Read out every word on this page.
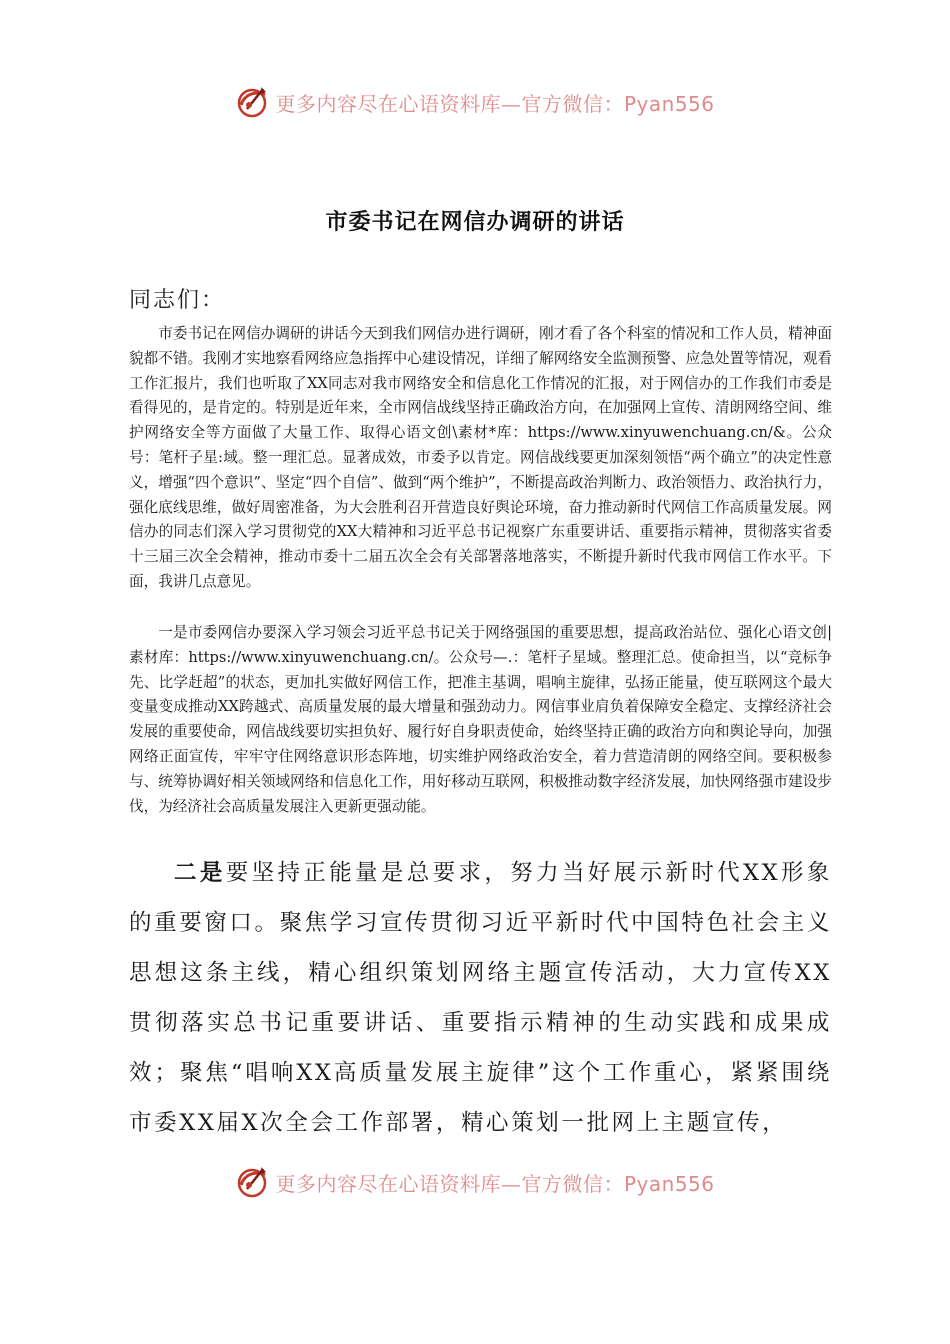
更多内容尽在心语资料库—官方微信：Pyan556
市委书记在网信办调研的讲话
同志们：

市委书记在网信办调研的讲话今天到我们网信办进行调研，刚才看了各个科室的情况和工作人员，精神面貌都不错。我刚才实地察看网络应急指挥中心建设情况，详细了解网络安全监测预警、应急处置等情况，观看工作汇报片，我们也听取了XX同志对我市网络安全和信息化工作情况的汇报，对于网信办的工作我们市委是看得见的，是肯定的。特别是近年来，全市网信战线坚持正确政治方向，在加强网上宣传、清朗网络空间、维护网络安全等方面做了大量工作、取得心语文创\素材*库：https://www.xinyuwenchuang.cn/&。公众号：笔杆子星:域。整一理汇总。显著成效，市委予以肯定。网信战线要更加深刻领悟“两个确立”的决定性意义，增强“四个意识”、坚定“四个自信”、做到“两个维护”，不断提高政治判断力、政治领悟力、政治执行力，强化底线思维，做好周密准备，为大会胜利召开营造良好舆论环境，奋力推动新时代网信工作高质量发展。网信办的同志们深入学习贯彻党的XX大精神和习近平总书记视察广东重要讲话、重要指示精神，贯彻落实省委十三届三次全会精神，推动市委十二届五次全会有关部署落地落实，不断提升新时代我市网信工作水平。下面，我讲几点意见。

一是市委网信办要深入学习领会习近平总书记关于网络强国的重要思想，提高政治站位、强化心语文创|素材库：https://www.xinyuwenchuang.cn/。公众号—.：笔杆子星域。整理汇总。使命担当，以“竞标争先、比学赶超”的状态，更加扎实做好网信工作，把准主基调，唱响主旋律，弘扬正能量，使互联网这个最大变量变成推动XX跨越式、高质量发展的最大增量和强劲动力。网信事业肩负着保障安全稳定、支撑经济社会发展的重要使命，网信战线要切实担负好、履行好自身职责使命，始终坚持正确的政治方向和舆论导向，加强网络正面宣传，牢牢守住网络意识形态阵地，切实维护网络政治安全，着力营造清朗的网络空间。要积极参与、统筹协调好相关领域网络和信息化工作，用好移动互联网，积极推动数字经济发展，加快网络强市建设步伐，为经济社会高质量发展注入更新更强动能。

二是要坚持正能量是总要求，努力当好展示新时代XX形象的重要窗口。聚焦学习宣传贯彻习近平新时代中国特色社会主义思想这条主线，精心组织策划网络主题宣传活动，大力宣传XX贯彻落实总书记重要讲话、重要指示精神的生动实践和成果成效；聚焦“唱响XX高质量发展主旋律”这个工作重心，紧紧围绕市委XX届X次全会工作部署，精心策划一批网上主题宣传，

更多内容尽在心语资料库—官方微信：Pyan556
